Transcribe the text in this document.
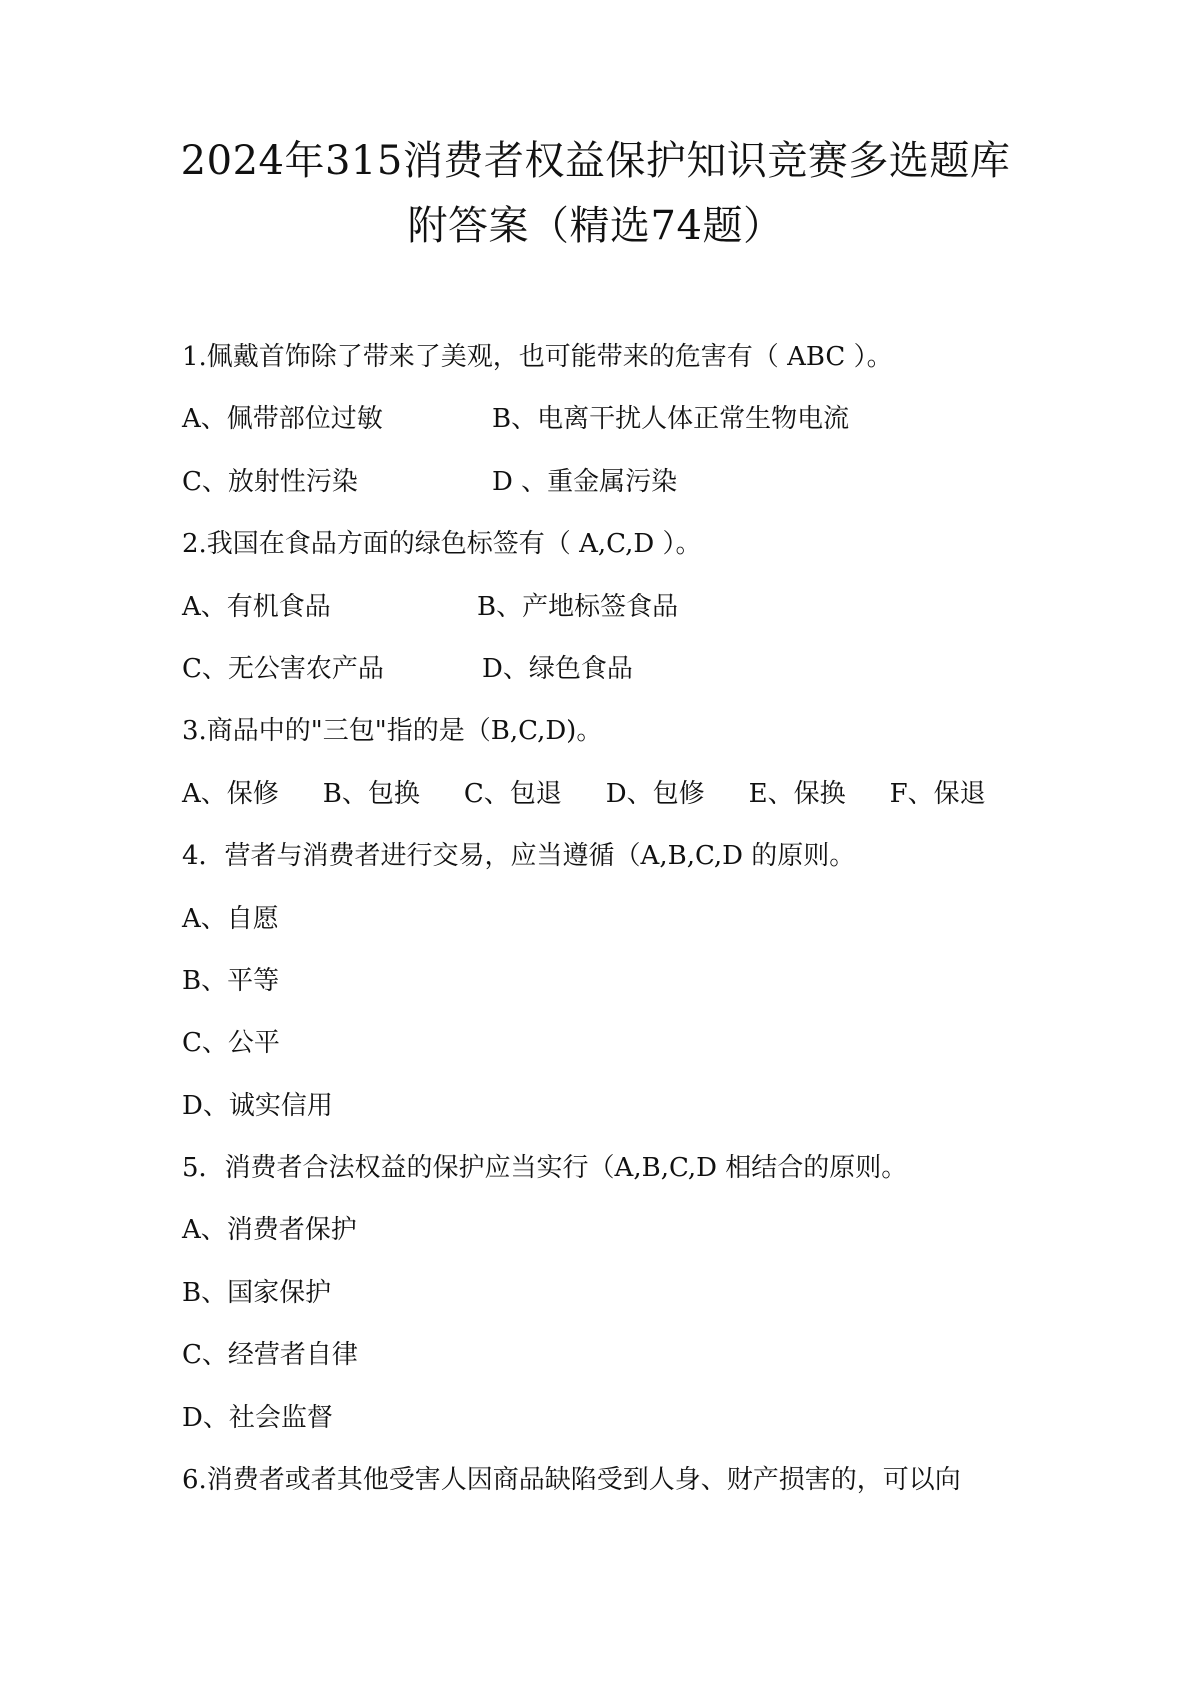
2024年315消费者权益保护知识竞赛多选题库
附答案（精选74题）
1.佩戴首饰除了带来了美观，也可能带来的危害有（ ABC ）。
A、佩带部位过敏	B、电离干扰人体正常生物电流
C、放射性污染	D 、重金属污染
2.我国在食品方面的绿色标签有（ A,C,D ）。
A、有机食品	B、产地标签食品
C、无公害农产品	D、绿色食品
3.商品中的"三包"指的是（B,C,D)。
A、保修 B、包换 C、包退 D、包修 E、保换 F、保退
4．营者与消费者进行交易，应当遵循（A,B,C,D 的原则。
A、自愿
B、平等
C、公平
D、诚实信用
5．消费者合法权益的保护应当实行（A,B,C,D 相结合的原则。
A、消费者保护
B、国家保护
C、经营者自律
D、社会监督
6.消费者或者其他受害人因商品缺陷受到人身、财产损害的，可以向
